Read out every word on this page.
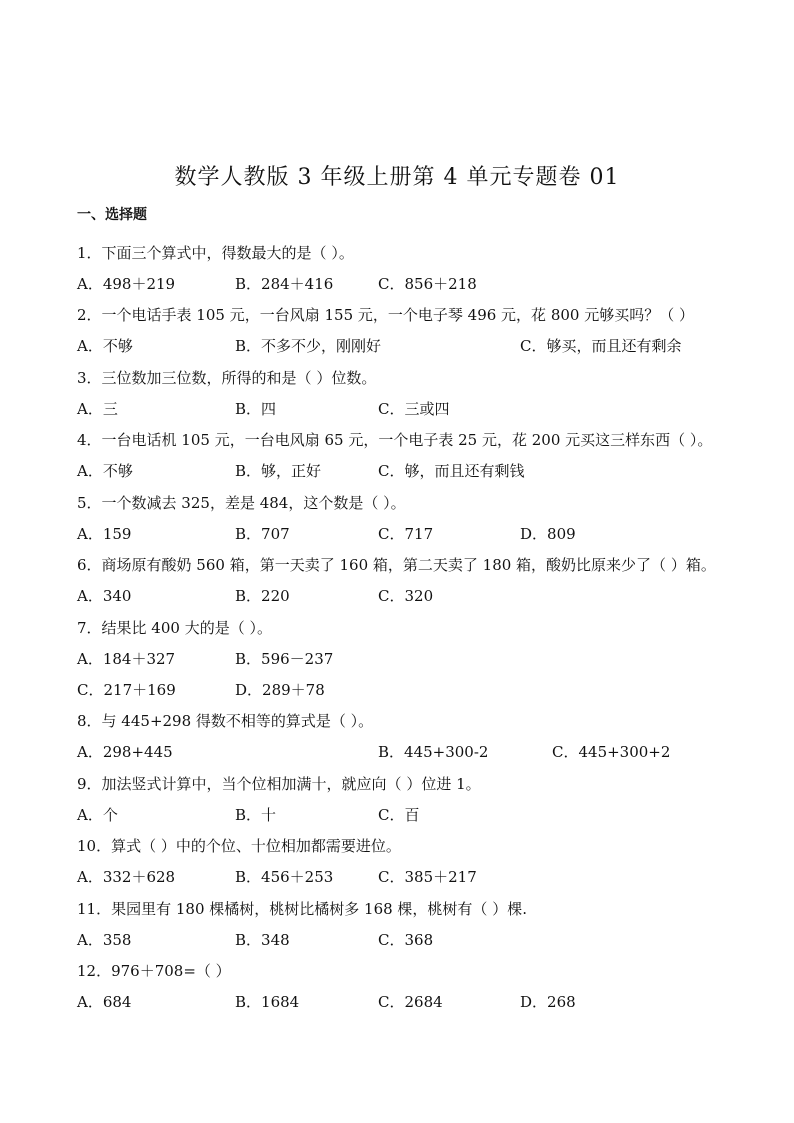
数学人教版 3 年级上册第 4 单元专题卷 01
一、选择题
1．下面三个算式中，得数最大的是（ ）。
A．498＋219	B．284＋416	C．856＋218
2．一个电话手表 105 元，一台风扇 155 元，一个电子琴 496 元，花 800 元够买吗？（ ）
A．不够	B．不多不少，刚刚好	C．够买，而且还有剩余
3．三位数加三位数，所得的和是（ ）位数。
A．三	B．四	C．三或四
4．一台电话机 105 元，一台电风扇 65 元，一个电子表 25 元，花 200 元买这三样东西（ ）。
A．不够	B．够，正好	C．够，而且还有剩钱
5．一个数减去 325，差是 484，这个数是（ ）。
A．159	B．707	C．717	D．809
6．商场原有酸奶 560 箱，第一天卖了 160 箱，第二天卖了 180 箱，酸奶比原来少了（ ）箱。
A．340	B．220	C．320
7．结果比 400 大的是（ ）。
A．184＋327	B．596－237
C．217＋169	D．289＋78
8．与 445+298 得数不相等的算式是（ ）。
A．298+445	B．445+300-2	C．445+300+2
9．加法竖式计算中，当个位相加满十，就应向（ ）位进 1。
A．个	B．十	C．百
10．算式（ ）中的个位、十位相加都需要进位。
A．332＋628	B．456＋253	C．385＋217
11．果园里有 180 棵橘树，桃树比橘树多 168 棵，桃树有（ ）棵.
A．358	B．348	C．368
12．976＋708=（ ）
A．684	B．1684	C．2684	D．268
